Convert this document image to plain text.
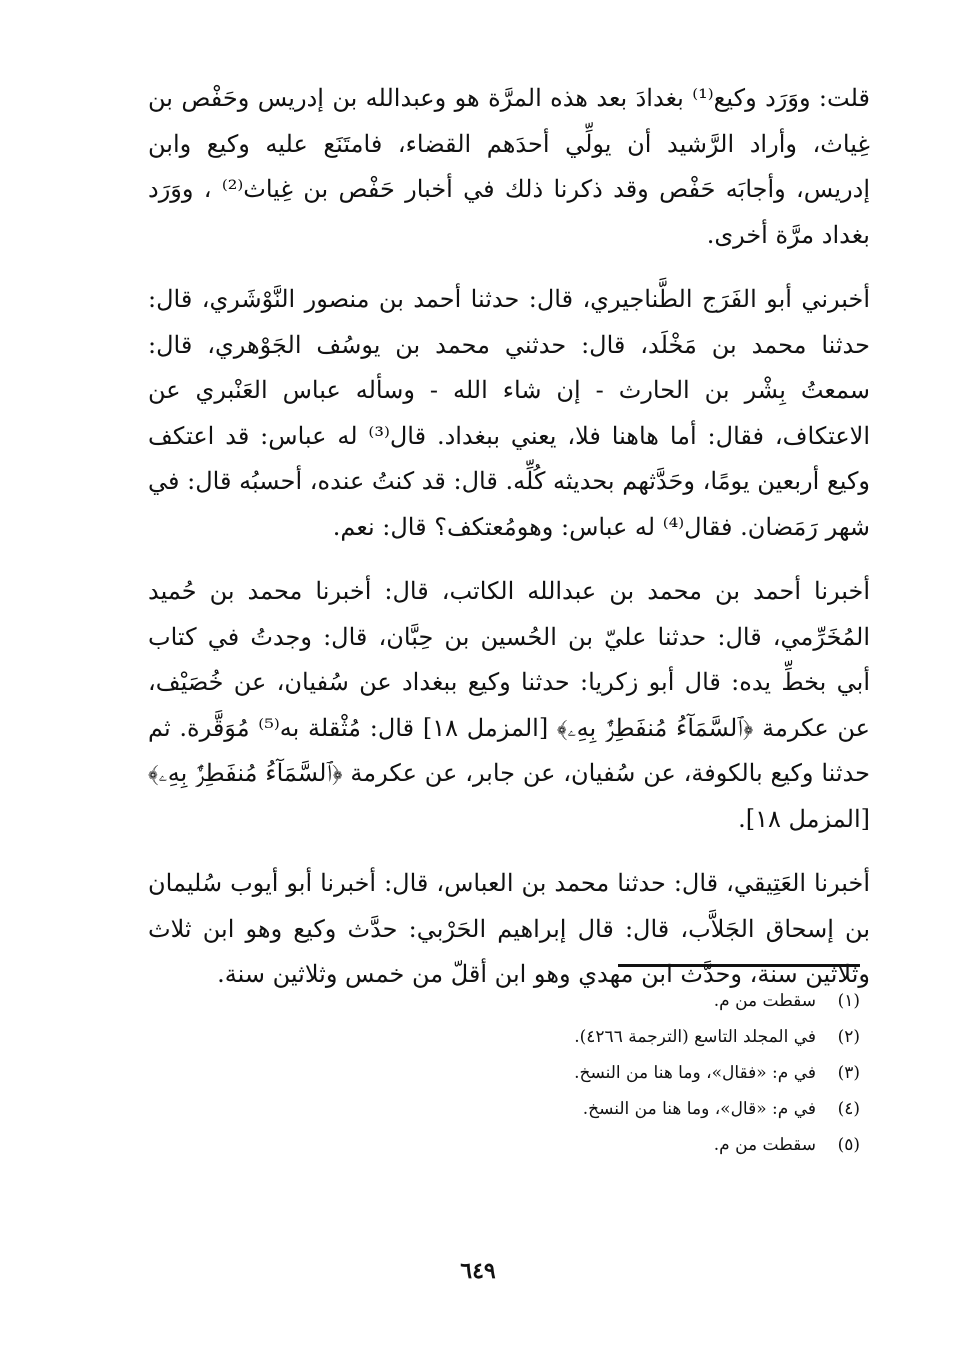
قلت: ووَرَد وكيع⁽¹⁾ بغدادَ بعد هذه المرَّة هو وعبدالله بن إدريس وحَفْص بن غِياث، وأراد الرَّشيد أن يولِّي أحدَهم القضاء، فامتَنَع عليه وكيع وابن إدريس، وأجابَه حَفْص وقد ذكرنا ذلك في أخبار حَفْص بن غِياث⁽²⁾ ، ووَرَد بغداد مرَّة أخرى.

أخبرني أبو الفَرَج الطَّناجيري، قال: حدثنا أحمد بن منصور النَّوْشَري، قال: حدثنا محمد بن مَخْلَد، قال: حدثني محمد بن يوسُف الجَوْهري، قال: سمعتُ بِشْر بن الحارث - إن شاء الله - وسأله عباس العَنْبري عن الاعتكاف، فقال: أما هاهنا فلا، يعني ببغداد. قال⁽³⁾ له عباس: قد اعتكف وكيع أربعين يومًا، وحَدَّثهم بحديثه كُلِّه. قال: قد كنتُ عنده، أحسبُه قال: في شهر رَمَضان. فقال⁽⁴⁾ له عباس: وهومُعتكف؟ قال: نعم.

أخبرنا أحمد بن محمد بن عبدالله الكاتب، قال: أخبرنا محمد بن حُميد المُخَرِّمي، قال: حدثنا عليّ بن الحُسين بن حِبَّان، قال: وجدتُ في كتاب أبي بخطِّ يده: قال أبو زكريا: حدثنا وكيع ببغداد عن سُفيان، عن خُصَيْف، عن عكرمة ﴿ٱلسَّمَآءُ مُنفَطِرٌۢ بِهِۦ﴾ [المزمل ١٨] قال: مُثْقلة به⁽⁵⁾ مُوَقَّرة. ثم حدثنا وكيع بالكوفة، عن سُفيان، عن جابر، عن عكرمة ﴿ٱلسَّمَآءُ مُنفَطِرٌۢ بِهِۦ﴾ [المزمل ١٨].

أخبرنا العَتِيقي، قال: حدثنا محمد بن العباس، قال: أخبرنا أبو أيوب سُليمان بن إسحاق الجَلاَّب، قال: قال إبراهيم الحَرْبي: حدَّث وكيع وهو ابن ثلاث وثلاثين سنة، وحدَّث ابن مهدي وهو ابن أقلّ من خمس وثلاثين سنة.

(١)سقطت من م.
(٢)في المجلد التاسع (الترجمة ٤٢٦٦).
(٣)في م: «فقال»، وما هنا من النسخ.
(٤)في م: «قال»، وما هنا من النسخ.
(٥)سقطت من م.
٦٤٩
